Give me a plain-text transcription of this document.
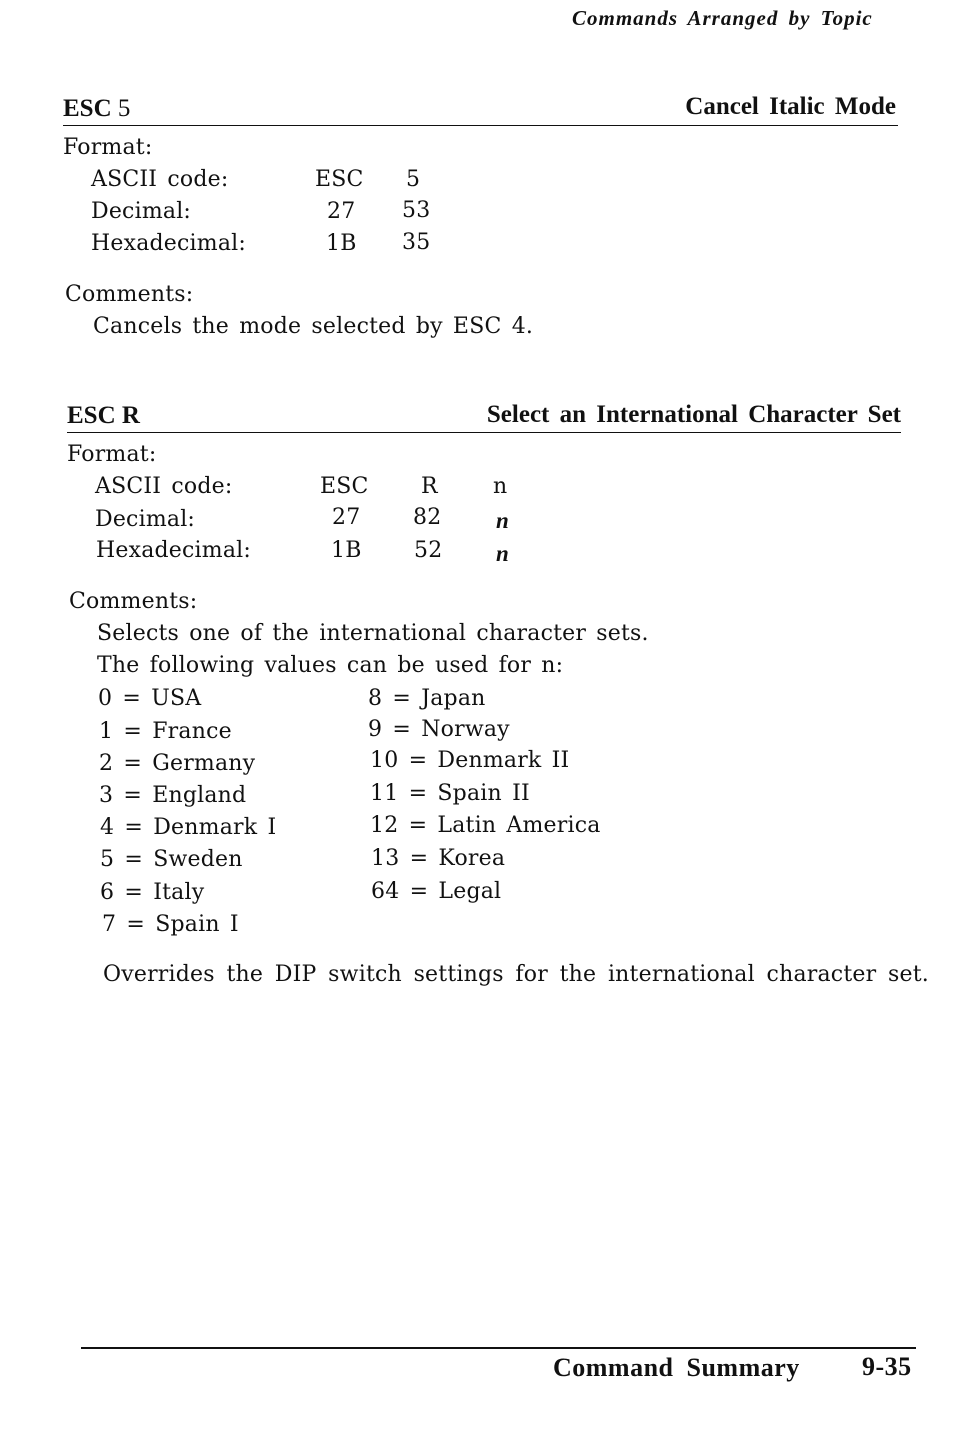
Commands Arranged by Topic
ESC 5	Cancel Italic Mode
Format:
ASCII code:	ESC 5
Decimal:	27 53
Hexadecimal:	1B 35
Comments:
Cancels the mode selected by ESC 4.
ESC R	Select an International Character Set
Format:
ASCII code:	ESC R	n
Decimal:	27 82 n
Hexadecimal:	1B 52 n
Comments:
Selects one of the international character sets.
The following values can be used for n:
0 = USA
1 = France
2 = Germany
3 = England
4 = Denmark I
5 = Sweden
6 = Italy
7 = Spain I
8 = Japan
9 = Norway
10 = Denmark II
11 = Spain II
12 = Latin America
13 = Korea
64 = Legal
Overrides the DIP switch settings for the international character set.
Command Summary 9-35
